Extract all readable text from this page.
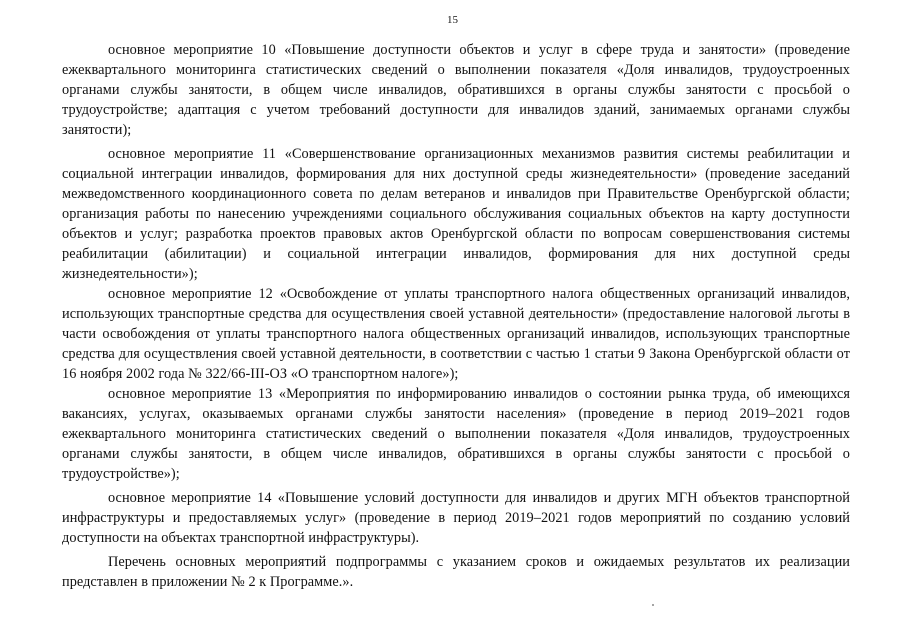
15

основное мероприятие 10 «Повышение доступности объектов и услуг в сфере труда и занятости» (проведение ежеквартального мониторинга статистических сведений о выполнении показателя «Доля инвалидов, трудоустроенных органами службы занятости, в общем числе инвалидов, обратившихся в органы службы занятости с просьбой о трудоустройстве; адаптация с учетом требований доступности для инвалидов зданий, занимаемых органами службы занятости);

основное мероприятие 11 «Совершенствование организационных механизмов развития системы реабилитации и социальной интеграции инвалидов, формирования для них доступной среды жизнедеятельности» (проведение заседаний межведомственного координационного совета по делам ветеранов и инвалидов при Правительстве Оренбургской области; организация работы по нанесению учреждениями социального обслуживания социальных объектов на карту доступности объектов и услуг; разработка проектов правовых актов Оренбургской области по вопросам совершенствования системы реабилитации (абилитации) и социальной интеграции инвалидов, формирования для них доступной среды жизнедеятельности»);

основное мероприятие 12 «Освобождение от уплаты транспортного налога общественных организаций инвалидов, использующих транспортные средства для осуществления своей уставной деятельности» (предоставление налоговой льготы в части освобождения от уплаты транспортного налога общественных организаций инвалидов, использующих транспортные средства для осуществления своей уставной деятельности, в соответствии с частью 1 статьи 9 Закона Оренбургской области от 16 ноября 2002 года № 322/66-III-ОЗ «О транспортном налоге»);

основное мероприятие 13 «Мероприятия по информированию инвалидов о состоянии рынка труда, об имеющихся вакансиях, услугах, оказываемых органами службы занятости населения» (проведение в период 2019–2021 годов ежеквартального мониторинга статистических сведений о выполнении показателя «Доля инвалидов, трудоустроенных органами службы занятости, в общем числе инвалидов, обратившихся в органы службы занятости с просьбой о трудоустройстве»);

основное мероприятие 14 «Повышение условий доступности для инвалидов и других МГН объектов транспортной инфраструктуры и предоставляемых услуг» (проведение в период 2019–2021 годов мероприятий по созданию условий доступности на объектах транспортной инфраструктуры).

Перечень основных мероприятий подпрограммы с указанием сроков и ожидаемых результатов их реализации представлен в приложении № 2 к Программе.».
